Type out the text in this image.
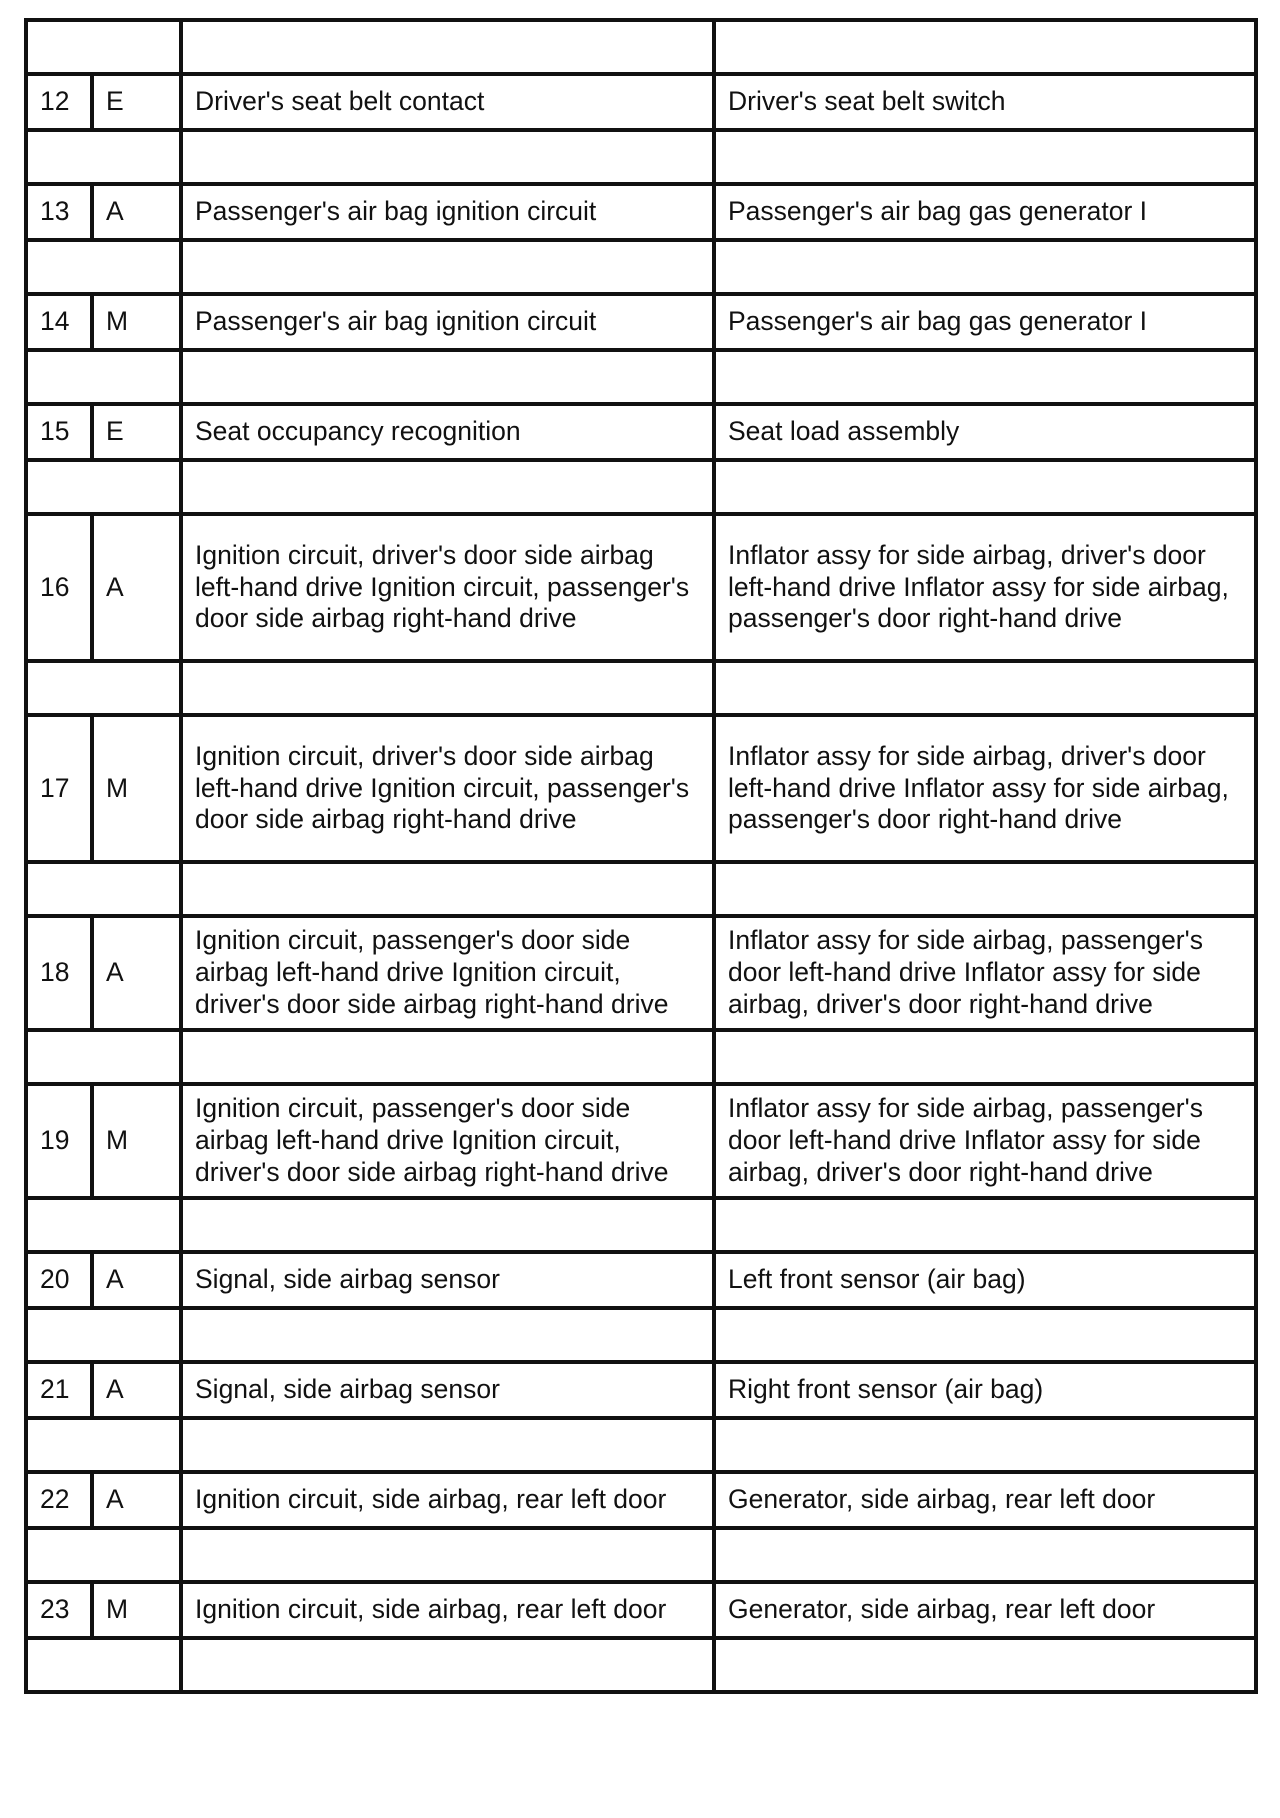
12	E	Driver's seat belt contact	Driver's seat belt switch

13	A	Passenger's air bag ignition circuit	Passenger's air bag gas generator I

14	M	Passenger's air bag ignition circuit	Passenger's air bag gas generator I

15	E	Seat occupancy recognition	Seat load assembly

16	A	Ignition circuit, driver's door side airbag left-hand drive Ignition circuit, passenger's door side airbag right-hand drive	Inflator assy for side airbag, driver's door left-hand drive Inflator assy for side airbag, passenger's door right-hand drive

17	M	Ignition circuit, driver's door side airbag left-hand drive Ignition circuit, passenger's door side airbag right-hand drive	Inflator assy for side airbag, driver's door left-hand drive Inflator assy for side airbag, passenger's door right-hand drive

18	A	Ignition circuit, passenger's door side airbag left-hand drive Ignition circuit, driver's door side airbag right-hand drive	Inflator assy for side airbag, passenger's door left-hand drive Inflator assy for side airbag, driver's door right-hand drive

19	M	Ignition circuit, passenger's door side airbag left-hand drive Ignition circuit, driver's door side airbag right-hand drive	Inflator assy for side airbag, passenger's door left-hand drive Inflator assy for side airbag, driver's door right-hand drive

20	A	Signal, side airbag sensor	Left front sensor (air bag)

21	A	Signal, side airbag sensor	Right front sensor (air bag)

22	A	Ignition circuit, side airbag, rear left door	Generator, side airbag, rear left door

23	M	Ignition circuit, side airbag, rear left door	Generator, side airbag, rear left door
